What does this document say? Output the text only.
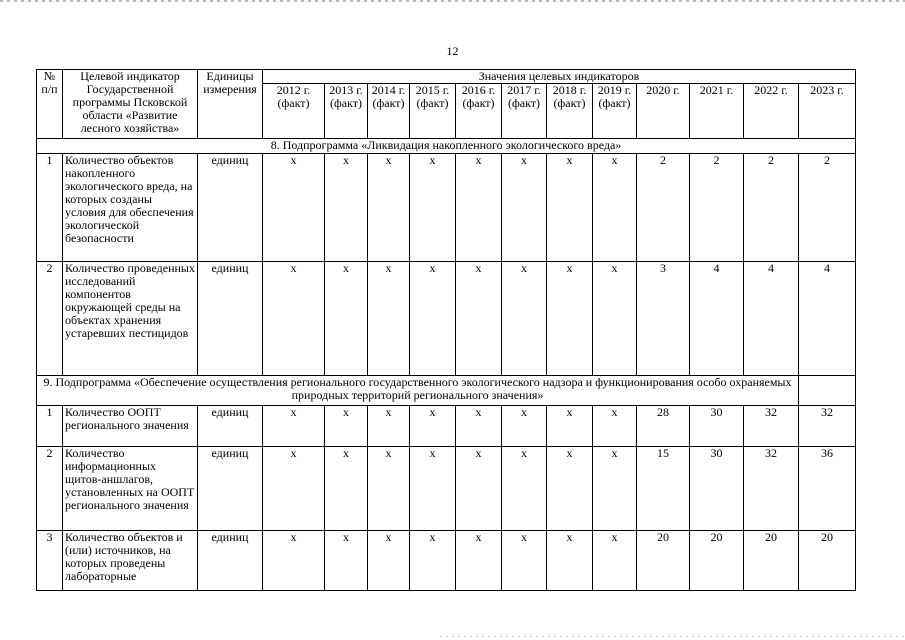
12
№
п/п	Целевой индикатор Государственной программы Псковской области «Развитие лесного хозяйства»	Единицы измерения	Значения целевых индикаторов											
			2012 г. (факт)	2013 г. (факт)	2014 г. (факт)	2015 г. (факт)	2016 г. (факт)	2017 г. (факт)	2018 г. (факт)	2019 г. (факт)	2020 г.	2021 г.	2022 г.	2023 г.
8. Подпрограмма «Ликвидация накопленного экологического вреда»														
1	Количество объектов накопленного экологического вреда, на которых созданы условия для обеспечения экологической безопасности	единиц	x	x	x	x	x	x	x	x	2	2	2	2
2	Количество проведенных исследований компонентов окружающей среды на объектах хранения устаревших пестицидов	единиц	x	x	x	x	x	x	x	x	3	4	4	4
9. Подпрограмма «Обеспечение осуществления регионального государственного экологического надзора и функционирования особо охраняемых природных территорий регионального значения»														
1	Количество ООПТ регионального значения	единиц	x	x	x	x	x	x	x	x	28	30	32	32
2	Количество информационных щитов-аншлагов, установленных на ООПТ регионального значения	единиц	x	x	x	x	x	x	x	x	15	30	32	36
3	Количество объектов и (или) источников, на которых проведены лабораторные	единиц	x	x	x	x	x	x	x	x	20	20	20	20
